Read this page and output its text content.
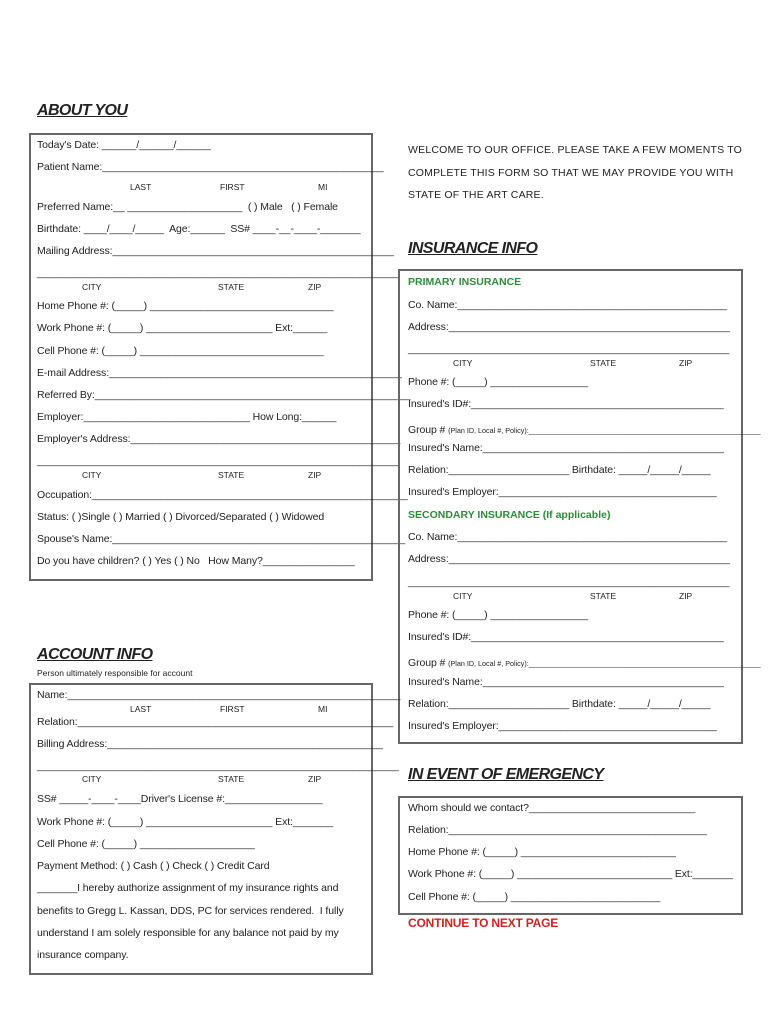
ABOUT YOU
Today's Date: ______/______/______
Patient Name:_________________________________________________
LAST	FIRST	MI
Preferred Name:__ ____________________  ( ) Male   ( ) Female
Birthdate: ____/____/_____  Age:______  SS# ____-__-____-_______
Mailing Address:_________________________________________________
_______________________________________________________________
CITY	STATE	ZIP
Home Phone #: (_____) ________________________________
Work Phone #: (_____) ______________________ Ext:______
Cell Phone #: (_____) ________________________________
E-mail Address:___________________________________________________
Referred By:_______________________________________________________
Employer:_____________________________ How Long:______
Employer's Address:_______________________________________________
_______________________________________________________________
CITY	STATE	ZIP
Occupation:_______________________________________________________
Status: ( )Single ( ) Married ( ) Divorced/Separated ( ) Widowed
Spouse's Name:___________________________________________________
Do you have children? ( ) Yes ( ) No   How Many?________________
WELCOME TO OUR OFFICE. PLEASE TAKE A FEW MOMENTS TO COMPLETE THIS FORM SO THAT WE MAY PROVIDE YOU WITH STATE OF THE ART CARE.
INSURANCE INFO
PRIMARY INSURANCE
Co. Name:_______________________________________________
Address:_________________________________________________
________________________________________________________
CITY	STATE	ZIP
Phone #: (_____) _________________
Insured's ID#:____________________________________________
Group # (Plan ID, Local #, Policy):__________________________________________________________
Insured's Name:__________________________________________
Relation:_____________________ Birthdate: _____/_____/_____
Insured's Employer:______________________________________
SECONDARY INSURANCE (If applicable)
Co. Name:_______________________________________________
Address:_________________________________________________
________________________________________________________
CITY	STATE	ZIP
Phone #: (_____) _________________
Insured's ID#:____________________________________________
Group # (Plan ID, Local #, Policy):__________________________________________________________
Insured's Name:__________________________________________
Relation:_____________________ Birthdate: _____/_____/_____
Insured's Employer:______________________________________
ACCOUNT INFO
Person ultimately responsible for account
Name:__________________________________________________________
LAST	FIRST	MI
Relation:_______________________________________________________
Billing Address:________________________________________________
_______________________________________________________________
CITY	STATE	ZIP
SS# _____-____-____Driver's License #:_________________
Work Phone #: (_____) ______________________ Ext:_______
Cell Phone #: (_____) ____________________
Payment Method: ( ) Cash ( ) Check ( ) Credit Card
_______I hereby authorize assignment of my insurance rights and
benefits to Gregg L. Kassan, DDS, PC for services rendered.  I fully
understand I am solely responsible for any balance not paid by my
insurance company.
IN EVENT OF EMERGENCY
Whom should we contact?_____________________________
Relation:_____________________________________________
Home Phone #: (_____) ___________________________
Work Phone #: (_____) ___________________________ Ext:_______
Cell Phone #: (_____) __________________________
CONTINUE TO NEXT PAGE
